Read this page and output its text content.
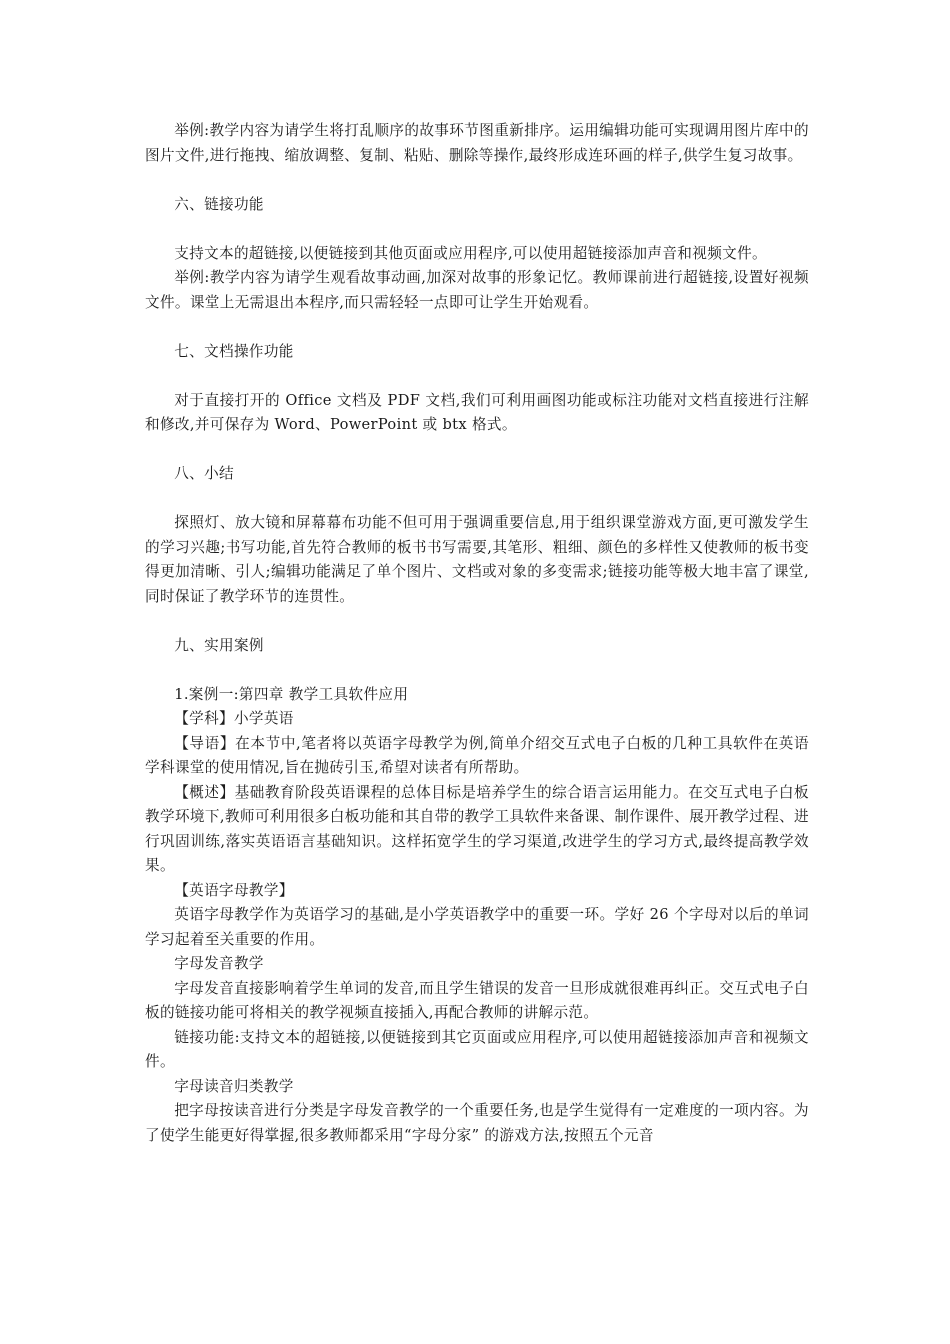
举例:教学内容为请学生将打乱顺序的故事环节图重新排序。运用编辑功能可实现调用图片库中的图片文件,进行拖拽、缩放调整、复制、粘贴、删除等操作,最终形成连环画的样子,供学生复习故事。

六、链接功能

支持文本的超链接,以便链接到其他页面或应用程序,可以使用超链接添加声音和视频文件。

举例:教学内容为请学生观看故事动画,加深对故事的形象记忆。教师课前进行超链接,设置好视频文件。课堂上无需退出本程序,而只需轻轻一点即可让学生开始观看。

七、文档操作功能

对于直接打开的 Office 文档及 PDF 文档,我们可利用画图功能或标注功能对文档直接进行注解和修改,并可保存为 Word、PowerPoint 或 btx 格式。

八、小结

探照灯、放大镜和屏幕幕布功能不但可用于强调重要信息,用于组织课堂游戏方面,更可激发学生的学习兴趣;书写功能,首先符合教师的板书书写需要,其笔形、粗细、颜色的多样性又使教师的板书变得更加清晰、引人;编辑功能满足了单个图片、文档或对象的多变需求;链接功能等极大地丰富了课堂,同时保证了教学环节的连贯性。

九、实用案例

1.案例一:第四章 教学工具软件应用

【学科】小学英语

【导语】在本节中,笔者将以英语字母教学为例,简单介绍交互式电子白板的几种工具软件在英语学科课堂的使用情况,旨在抛砖引玉,希望对读者有所帮助。

【概述】基础教育阶段英语课程的总体目标是培养学生的综合语言运用能力。在交互式电子白板教学环境下,教师可利用很多白板功能和其自带的教学工具软件来备课、制作课件、展开教学过程、进行巩固训练,落实英语语言基础知识。这样拓宽学生的学习渠道,改进学生的学习方式,最终提高教学效果。

【英语字母教学】

英语字母教学作为英语学习的基础,是小学英语教学中的重要一环。学好 26 个字母对以后的单词学习起着至关重要的作用。

字母发音教学

字母发音直接影响着学生单词的发音,而且学生错误的发音一旦形成就很难再纠正。交互式电子白板的链接功能可将相关的教学视频直接插入,再配合教师的讲解示范。

链接功能:支持文本的超链接,以便链接到其它页面或应用程序,可以使用超链接添加声音和视频文件。

字母读音归类教学

把字母按读音进行分类是字母发音教学的一个重要任务,也是学生觉得有一定难度的一项内容。为了使学生能更好得掌握,很多教师都采用“字母分家” 的游戏方法,按照五个元音
